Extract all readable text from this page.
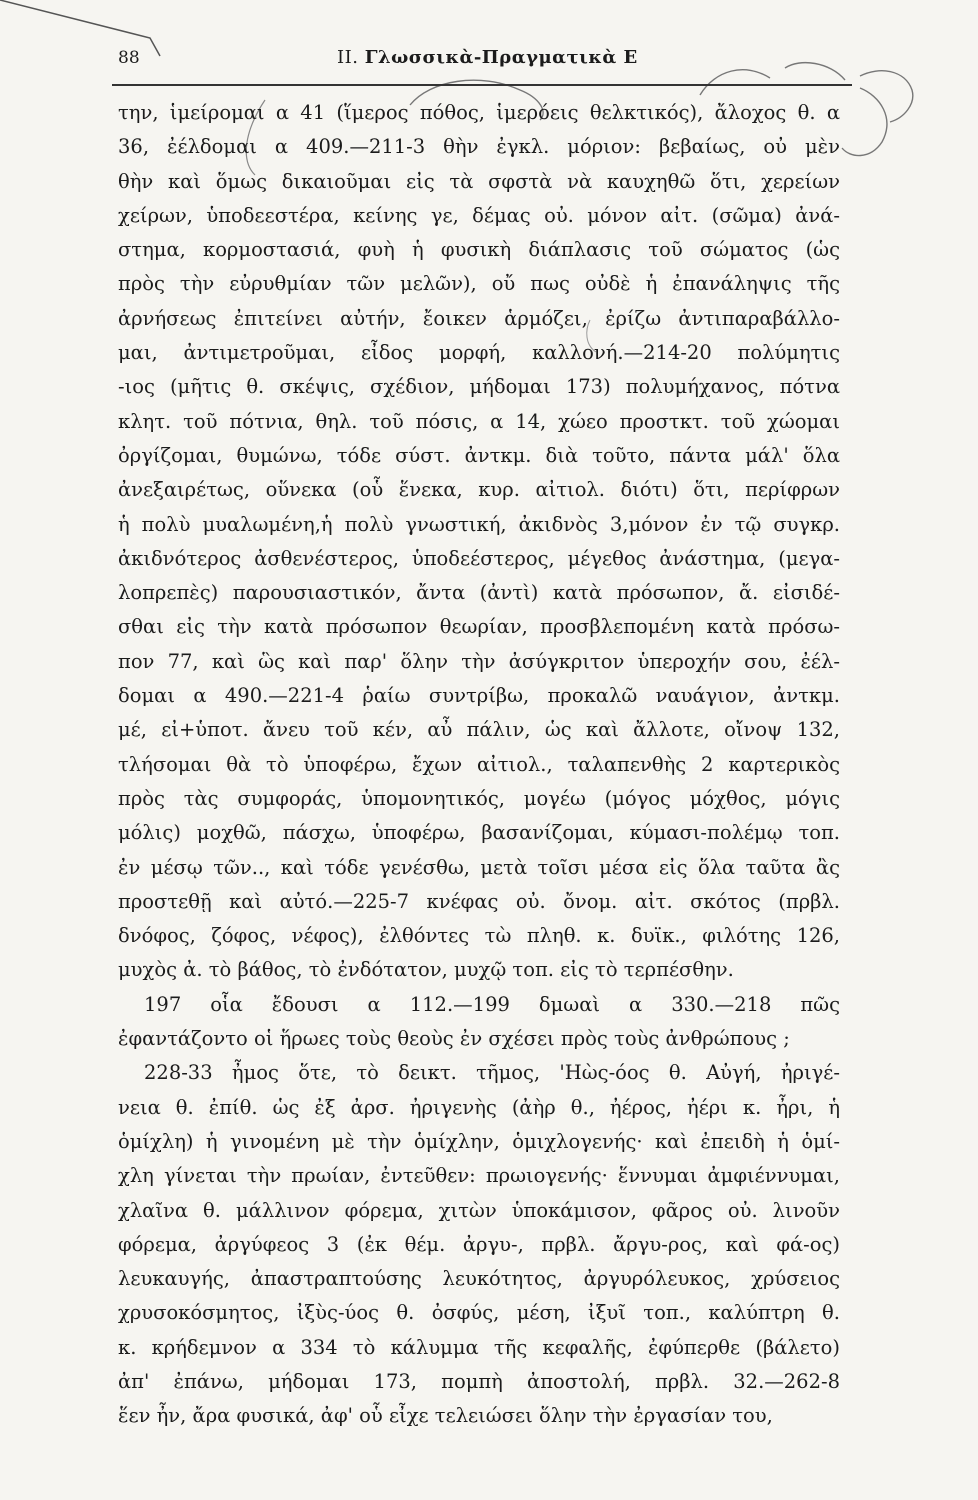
88	ΙΙ. Γλωσσικὰ-Πραγματικὰ Ε
την, ἱμείρομαι α 41 (ἵμερος πόθος, ἱμερόεις θελκτικός), ἄλοχος θ. α
36, ἐέλδομαι α 409.—211-3 θὴν ἐγκλ. μόριον: βεβαίως, οὐ μὲν
θὴν καὶ ὅμως δικαιοῦμαι εἰς τὰ σφστὰ νὰ καυχηθῶ ὅτι, χερείων
χείρων, ὑποδεεστέρα, κείνης γε, δέμας οὐ. μόνον αἰτ. (σῶμα) ἀνά-
στημα, κορμοστασιά, φυὴ ἡ φυσικὴ διάπλασις τοῦ σώματος (ὡς
πρὸς τὴν εὐρυθμίαν τῶν μελῶν), οὔ πως οὐδὲ ἡ ἐπανάληψις τῆς
ἀρνήσεως ἐπιτείνει αὐτήν, ἔοικεν ἁρμόζει, ἐρίζω ἀντιπαραβάλλο-
μαι, ἀντιμετροῦμαι, εἶδος μορφή, καλλονή.—214-20 πολύμητις
-ιος (μῆτις θ. σκέψις, σχέδιον, μήδομαι 173) πολυμήχανος, πότνα
κλητ. τοῦ πότνια, θηλ. τοῦ πόσις, α 14, χώεο προστκτ. τοῦ χώομαι
ὀργίζομαι, θυμώνω, τόδε σύστ. ἀντκμ. διὰ τοῦτο, πάντα μάλ' ὅλα
ἀνεξαιρέτως, οὕνεκα (οὗ ἕνεκα, κυρ. αἰτιολ. διότι) ὅτι, περίφρων
ἡ πολὺ μυαλωμένη,ἡ πολὺ γνωστική, ἀκιδνὸς 3,μόνον ἐν τῷ συγκρ.
ἀκιδνότερος ἀσθενέστερος, ὑποδεέστερος, μέγεθος ἀνάστημα, (μεγα-
λοπρεπὲς) παρουσιαστικόν, ἄντα (ἀντὶ) κατὰ πρόσωπον, ἄ. εἰσιδέ-
σθαι εἰς τὴν κατὰ πρόσωπον θεωρίαν, προσβλεπομένη κατὰ πρόσω-
πον 77, καὶ ὣς καὶ παρ' ὅλην τὴν ἀσύγκριτον ὑπεροχήν σου, ἐέλ-
δομαι α 490.—221-4 ῥαίω συντρίβω, προκαλῶ ναυάγιον, ἀντκμ.
μέ, εἰ+ὑποτ. ἄνευ τοῦ κέν, αὖ πάλιν, ὡς καὶ ἄλλοτε, οἴνοψ 132,
τλήσομαι θὰ τὸ ὑποφέρω, ἔχων αἰτιολ., ταλαπενθὴς 2 καρτερικὸς
πρὸς τὰς συμφοράς, ὑπομονητικός, μογέω (μόγος μόχθος, μόγις
μόλις) μοχθῶ, πάσχω, ὑποφέρω, βασανίζομαι, κύμασι-πολέμῳ τοπ.
ἐν μέσῳ τῶν.., καὶ τόδε γενέσθω, μετὰ τοῖσι μέσα εἰς ὅλα ταῦτα ἂς
προστεθῇ καὶ αὐτό.—225-7 κνέφας οὐ. ὄνομ. αἰτ. σκότος (πρβλ.
δνόφος, ζόφος, νέφος), ἐλθόντες τὼ πληθ. κ. δυϊκ., φιλότης 126,
μυχὸς ἀ. τὸ βάθος, τὸ ἐνδότατον, μυχῷ τοπ. εἰς τὸ τερπέσθην.
197 οἷα ἔδουσι α 112.—199 δμωαὶ α 330.—218 πῶς
ἐφαντάζοντο οἱ ἥρωες τοὺς θεοὺς ἐν σχέσει πρὸς τοὺς ἀνθρώπους ;
228-33 ἦμος ὅτε, τὸ δεικτ. τῆμος, 'Ηὼς-όος θ. Αὐγή, ἠριγέ-
νεια θ. ἐπίθ. ὡς ἐξ ἀρσ. ἠριγενὴς (ἀὴρ θ., ἠέρος, ἠέρι κ. ἦρι, ἡ
ὁμίχλη) ἡ γινομένη μὲ τὴν ὁμίχλην, ὁμιχλογενής· καὶ ἐπειδὴ ἡ ὁμί-
χλη γίνεται τὴν πρωίαν, ἐντεῦθεν: πρωιογενής· ἕννυμαι ἀμφιέννυμαι,
χλαῖνα θ. μάλλινον φόρεμα, χιτὼν ὑποκάμισον, φᾶρος οὐ. λινοῦν
φόρεμα, ἀργύφεος 3 (ἐκ θέμ. ἀργυ-, πρβλ. ἄργυ-ρος, καὶ φά-ος)
λευκαυγής, ἀπαστραπτούσης λευκότητος, ἀργυρόλευκος, χρύσειος
χρυσοκόσμητος, ἰξὺς-ύος θ. ὀσφύς, μέση, ἰξυῖ τοπ., καλύπτρη θ.
κ. κρήδεμνον α 334 τὸ κάλυμμα τῆς κεφαλῆς, ἐφύπερθε (βάλετο)
ἀπ' ἐπάνω, μήδομαι 173, πομπὴ ἀποστολή, πρβλ. 32.—262-8
ἕεν ἦν, ἄρα φυσικά, ἀφ' οὗ εἶχε τελειώσει ὅλην τὴν ἐργασίαν του,
